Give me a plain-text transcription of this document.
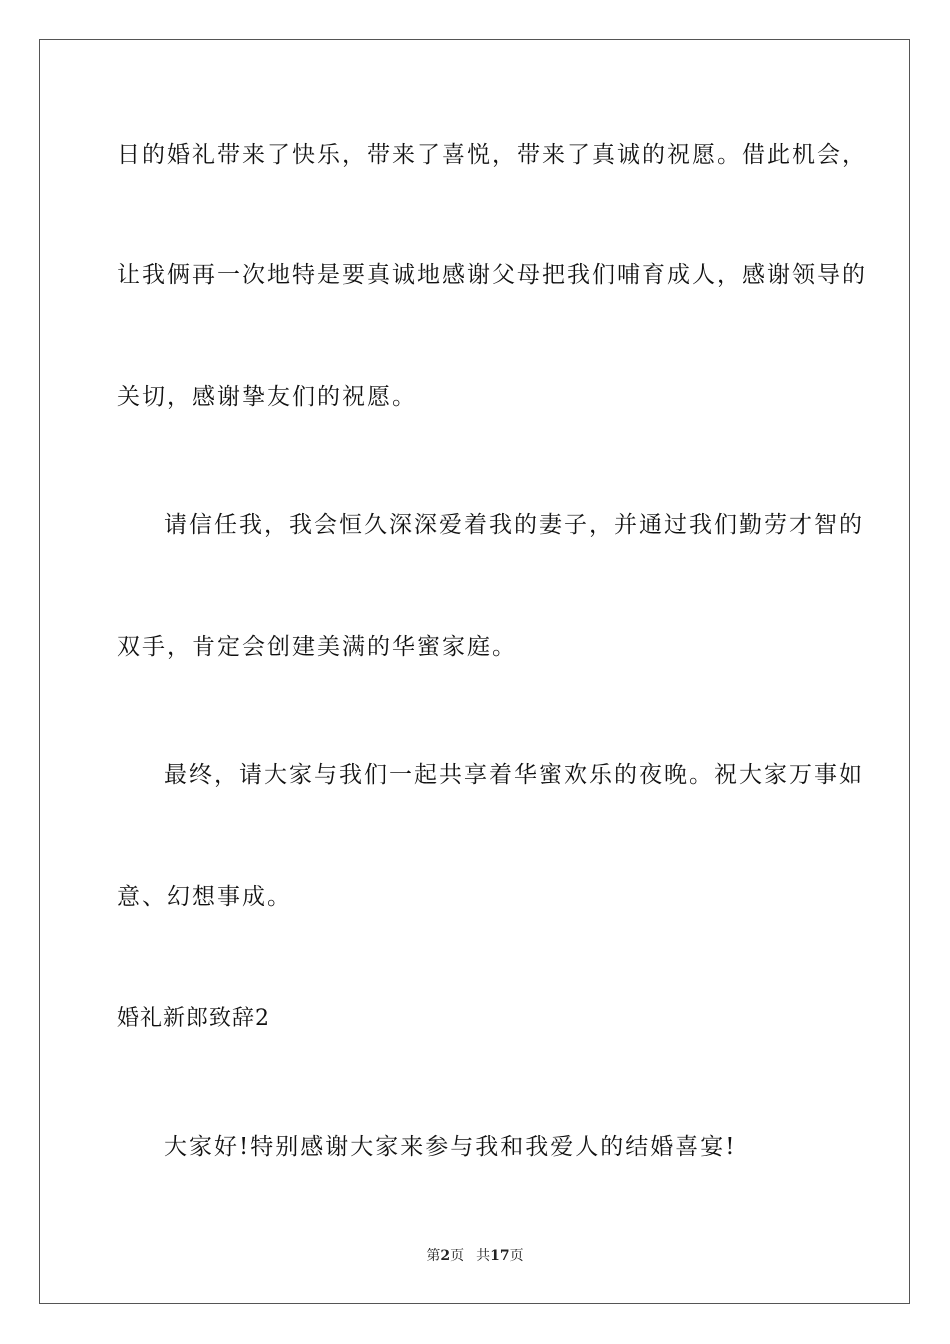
日的婚礼带来了快乐，带来了喜悦，带来了真诚的祝愿。借此机会，
让我俩再一次地特是要真诚地感谢父母把我们哺育成人，感谢领导的
关切，感谢挚友们的祝愿。
请信任我，我会恒久深深爱着我的妻子，并通过我们勤劳才智的
双手，肯定会创建美满的华蜜家庭。
最终，请大家与我们一起共享着华蜜欢乐的夜晚。祝大家万事如
意、幻想事成。
婚礼新郎致辞2
大家好!特别感谢大家来参与我和我爱人的结婚喜宴!
第2页 共17页
